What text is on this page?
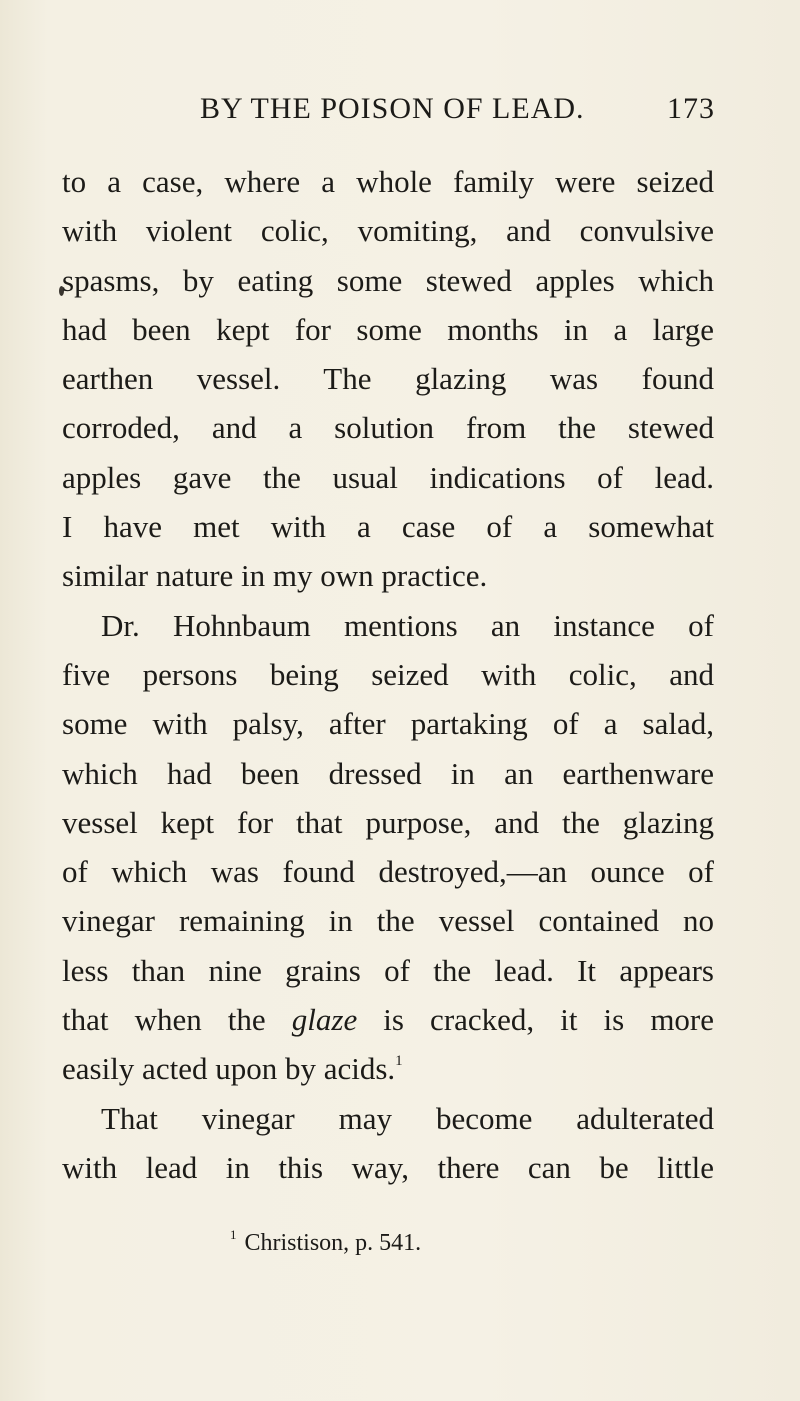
BY THE POISON OF LEAD.	173
to a case, where a whole family were seized
with violent colic, vomiting, and convulsive
spasms, by eating some stewed apples which
had been kept for some months in a large
earthen vessel. The glazing was found
corroded, and a solution from the stewed
apples gave the usual indications of lead.
I have met with a case of a somewhat
similar nature in my own practice.
Dr. Hohnbaum mentions an instance of
five persons being seized with colic, and
some with palsy, after partaking of a salad,
which had been dressed in an earthenware
vessel kept for that purpose, and the glazing
of which was found destroyed,—an ounce of
vinegar remaining in the vessel contained no
less than nine grains of the lead. It appears
that when the glaze is cracked, it is more
easily acted upon by acids.$^1$
That vinegar may become adulterated
with lead in this way, there can be little
$^1$ Christison, p. 541.
